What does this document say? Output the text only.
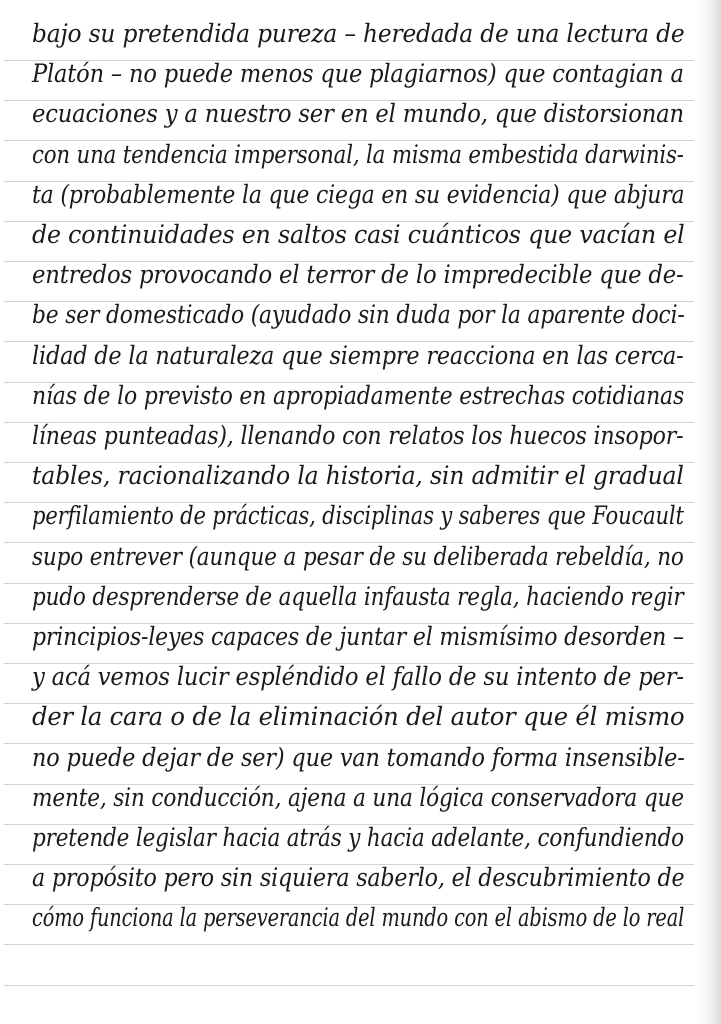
bajo su pretendida pureza – heredada de una lectura de
Platón – no puede menos que plagiarnos) que contagian a
ecuaciones y a nuestro ser en el mundo, que distorsionan
con una tendencia impersonal, la misma embestida darwinis-
ta (probablemente la que ciega en su evidencia) que abjura
de continuidades en saltos casi cuánticos que vacían el
entredos provocando el terror de lo impredecible que de-
be ser domesticado (ayudado sin duda por la aparente doci-
lidad de la naturaleza que siempre reacciona en las cerca-
nías de lo previsto en apropiadamente estrechas cotidianas
líneas punteadas), llenando con relatos los huecos insopor-
tables, racionalizando la historia, sin admitir el gradual
perfilamiento de prácticas, disciplinas y saberes que Foucault
supo entrever (aunque a pesar de su deliberada rebeldía, no
pudo desprenderse de aquella infausta regla, haciendo regir
principios-leyes capaces de juntar el mismísimo desorden –
y acá vemos lucir espléndido el fallo de su intento de per-
der la cara o de la eliminación del autor que él mismo
no puede dejar de ser) que van tomando forma insensible-
mente, sin conducción, ajena a una lógica conservadora que
pretende legislar hacia atrás y hacia adelante, confundiendo
a propósito pero sin siquiera saberlo, el descubrimiento de
cómo funciona la perseverancia del mundo con el abismo de lo real
